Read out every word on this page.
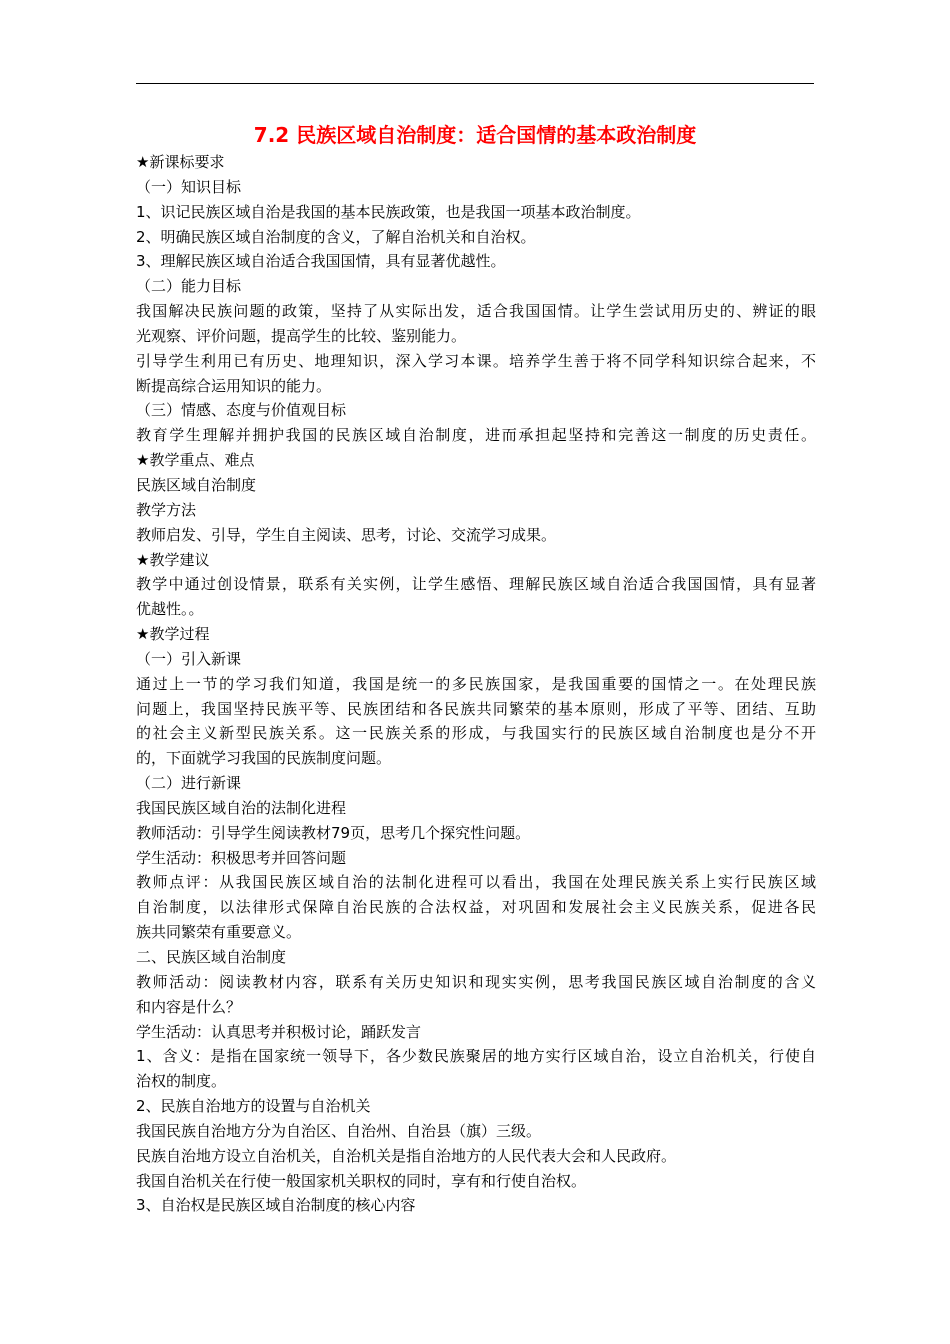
7.2 民族区域自治制度：适合国情的基本政治制度
★新课标要求
（一）知识目标
1、识记民族区域自治是我国的基本民族政策，也是我国一项基本政治制度。
2、明确民族区域自治制度的含义，了解自治机关和自治权。
3、理解民族区域自治适合我国国情，具有显著优越性。
（二）能力目标
我国解决民族问题的政策，坚持了从实际出发，适合我国国情。让学生尝试用历史的、辨证的眼
光观察、评价问题，提高学生的比较、鉴别能力。
引导学生利用已有历史、地理知识，深入学习本课。培养学生善于将不同学科知识综合起来，不
断提高综合运用知识的能力。
（三）情感、态度与价值观目标
教育学生理解并拥护我国的民族区域自治制度，进而承担起坚持和完善这一制度的历史责任。
★教学重点、难点
民族区域自治制度
教学方法
教师启发、引导，学生自主阅读、思考，讨论、交流学习成果。
★教学建议
教学中通过创设情景，联系有关实例，让学生感悟、理解民族区域自治适合我国国情，具有显著
优越性。。
★教学过程
（一）引入新课
通过上一节的学习我们知道，我国是统一的多民族国家，是我国重要的国情之一。在处理民族
问题上，我国坚持民族平等、民族团结和各民族共同繁荣的基本原则，形成了平等、团结、互助
的社会主义新型民族关系。这一民族关系的形成，与我国实行的民族区域自治制度也是分不开
的，下面就学习我国的民族制度问题。
（二）进行新课
我国民族区域自治的法制化进程
教师活动：引导学生阅读教材79页，思考几个探究性问题。
学生活动：积极思考并回答问题
教师点评：从我国民族区域自治的法制化进程可以看出，我国在处理民族关系上实行民族区域
自治制度，以法律形式保障自治民族的合法权益，对巩固和发展社会主义民族关系，促进各民
族共同繁荣有重要意义。
二、民族区域自治制度
教师活动：阅读教材内容，联系有关历史知识和现实实例，思考我国民族区域自治制度的含义
和内容是什么？
学生活动：认真思考并积极讨论，踊跃发言
1、含义：是指在国家统一领导下，各少数民族聚居的地方实行区域自治，设立自治机关，行使自
治权的制度。
2、民族自治地方的设置与自治机关
我国民族自治地方分为自治区、自治州、自治县（旗）三级。
民族自治地方设立自治机关，自治机关是指自治地方的人民代表大会和人民政府。
我国自治机关在行使一般国家机关职权的同时，享有和行使自治权。
3、自治权是民族区域自治制度的核心内容
